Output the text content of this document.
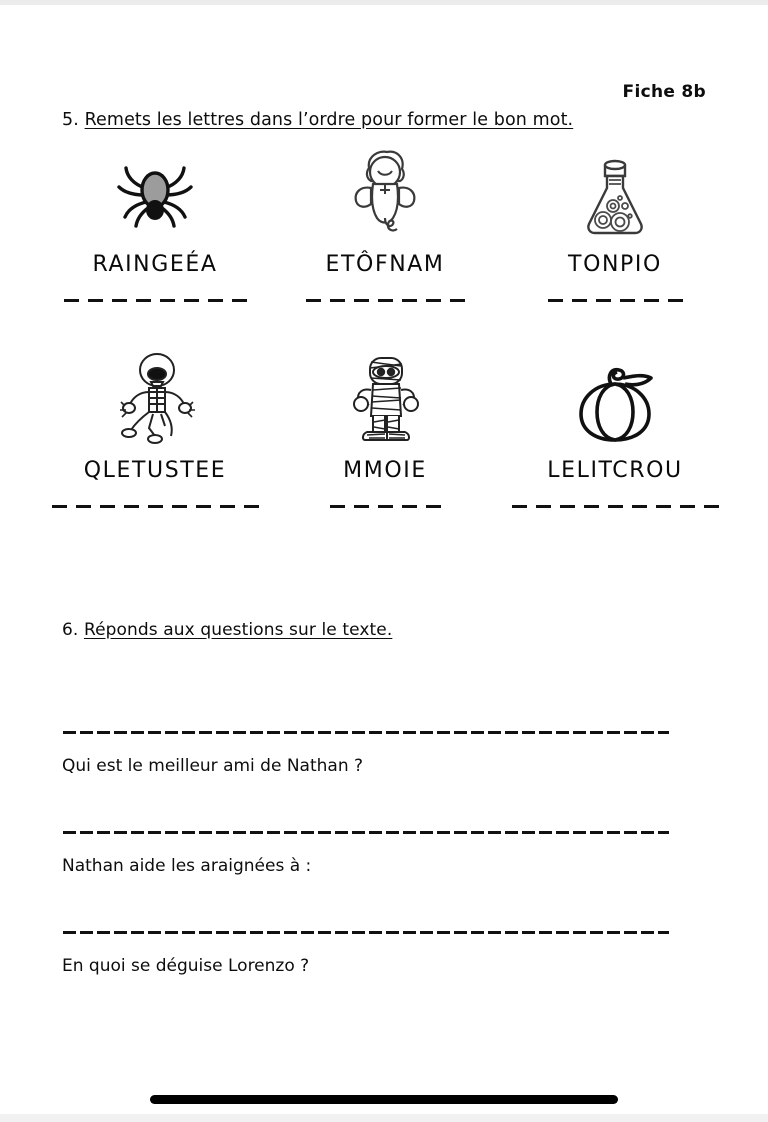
Fiche 8b
5. Remets les lettres dans l’ordre pour former le bon mot.
RAINGEÉA	ETÔFNAM	TONPIO
QLETUSTEE	MMOIE	LELITCROU
6. Réponds aux questions sur le texte.
Qui est le meilleur ami de Nathan ?
Nathan aide les araignées à :
En quoi se déguise Lorenzo ?
